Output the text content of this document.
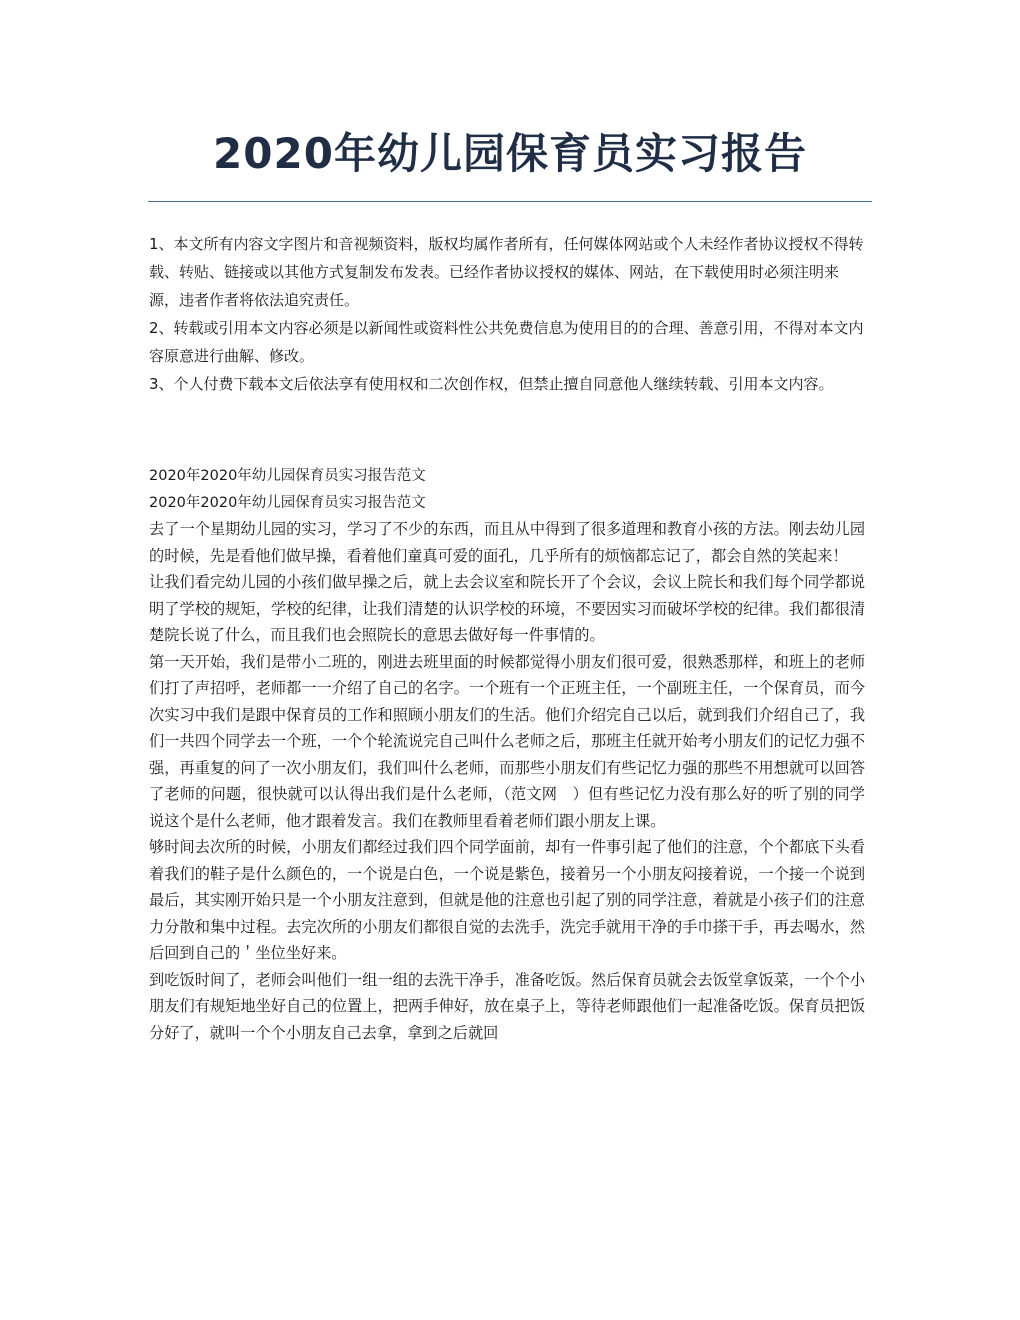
2020年幼儿园保育员实习报告

1、本文所有内容文字图片和音视频资料，版权均属作者所有，任何媒体网站或个人未经作者协议授权不得转载、转贴、链接或以其他方式复制发布发表。已经作者协议授权的媒体、网站，在下载使用时必须注明来源，违者作者将依法追究责任。

2、转载或引用本文内容必须是以新闻性或资料性公共免费信息为使用目的的合理、善意引用，不得对本文内容原意进行曲解、修改。

3、个人付费下载本文后依法享有使用权和二次创作权，但禁止擅自同意他人继续转载、引用本文内容。

2020年2020年幼儿园保育员实习报告范文

2020年2020年幼儿园保育员实习报告范文

去了一个星期幼儿园的实习，学习了不少的东西，而且从中得到了很多道理和教育小孩的方法。刚去幼儿园的时候，先是看他们做早操，看着他们童真可爱的面孔，几乎所有的烦恼都忘记了，都会自然的笑起来！

让我们看完幼儿园的小孩们做早操之后，就上去会议室和院长开了个会议，会议上院长和我们每个同学都说明了学校的规矩，学校的纪律，让我们清楚的认识学校的环境，不要因实习而破坏学校的纪律。我们都很清楚院长说了什么，而且我们也会照院长的意思去做好每一件事情的。

第一天开始，我们是带小二班的，刚进去班里面的时候都觉得小朋友们很可爱，很熟悉那样，和班上的老师们打了声招呼，老师都一一介绍了自己的名字。一个班有一个正班主任，一个副班主任，一个保育员，而今次实习中我们是跟中保育员的工作和照顾小朋友们的生活。他们介绍完自己以后，就到我们介绍自己了，我们一共四个同学去一个班，一个个轮流说完自己叫什么老师之后，那班主任就开始考小朋友们的记忆力强不强，再重复的问了一次小朋友们，我们叫什么老师，而那些小朋友们有些记忆力强的那些不用想就可以回答了老师的问题，很快就可以认得出我们是什么老师，（范文网　）但有些记忆力没有那么好的听了别的同学说这个是什么老师，他才跟着发言。我们在教师里看着老师们跟小朋友上课。

够时间去次所的时候，小朋友们都经过我们四个同学面前，却有一件事引起了他们的注意，个个都底下头看着我们的鞋子是什么颜色的，一个说是白色，一个说是紫色，接着另一个小朋友闷接着说，一个接一个说到最后，其实刚开始只是一个小朋友注意到，但就是他的注意也引起了别的同学注意，着就是小孩子们的注意力分散和集中过程。去完次所的小朋友们都很自觉的去洗手，洗完手就用干净的手巾搽干手，再去喝水，然后回到自己的＇坐位坐好来。

到吃饭时间了，老师会叫他们一组一组的去洗干净手，准备吃饭。然后保育员就会去饭堂拿饭菜，一个个小朋友们有规矩地坐好自己的位置上，把两手伸好，放在桌子上，等待老师跟他们一起准备吃饭。保育员把饭分好了，就叫一个个小朋友自己去拿，拿到之后就回
